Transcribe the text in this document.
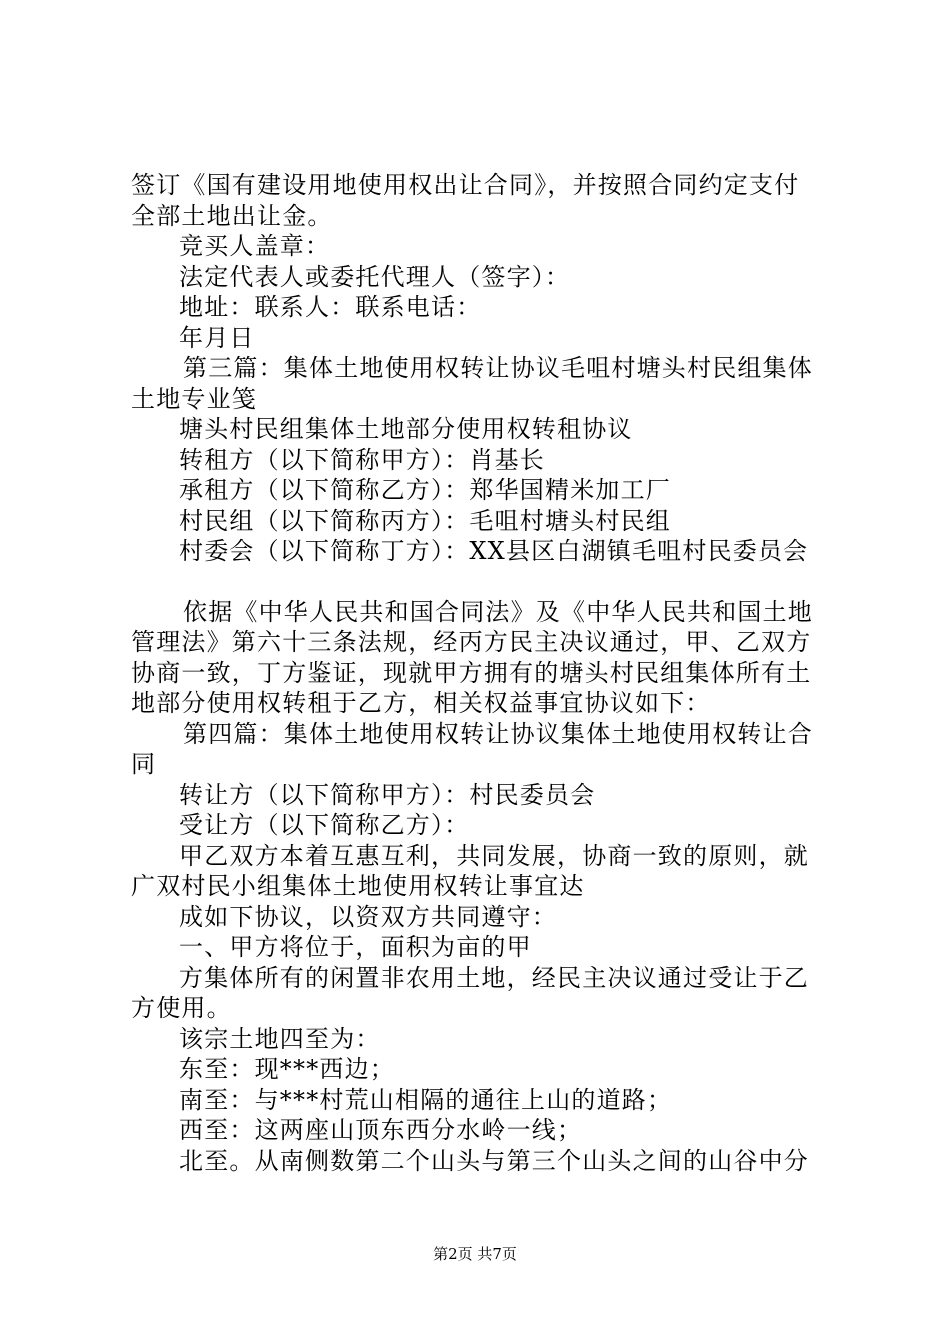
签订《国有建设用地使用权出让合同》，并按照合同约定支付
全部土地出让金。
竞买人盖章：
法定代表人或委托代理人（签字）：
地址：联系人：联系电话：
年月日
第三篇：集体土地使用权转让协议毛咀村塘头村民组集体
土地专业笺
塘头村民组集体土地部分使用权转租协议
转租方（以下简称甲方）：肖基长
承租方（以下简称乙方）：郑华国精米加工厂
村民组（以下简称丙方）：毛咀村塘头村民组
村委会（以下简称丁方）：XX县区白湖镇毛咀村民委员会
依据《中华人民共和国合同法》及《中华人民共和国土地
管理法》第六十三条法规，经丙方民主决议通过，甲、乙双方
协商一致，丁方鉴证，现就甲方拥有的塘头村民组集体所有土
地部分使用权转租于乙方，相关权益事宜协议如下：
第四篇：集体土地使用权转让协议集体土地使用权转让合
同
转让方（以下简称甲方）：村民委员会
受让方（以下简称乙方）：
甲乙双方本着互惠互利，共同发展，协商一致的原则，就
广双村民小组集体土地使用权转让事宜达
成如下协议，以资双方共同遵守：
一、甲方将位于，面积为亩的甲
方集体所有的闲置非农用土地，经民主决议通过受让于乙
方使用。
该宗土地四至为：
东至：现***西边；
南至：与***村荒山相隔的通往上山的道路；
西至：这两座山顶东西分水岭一线；
北至。从南侧数第二个山头与第三个山头之间的山谷中分
第2页 共7页
